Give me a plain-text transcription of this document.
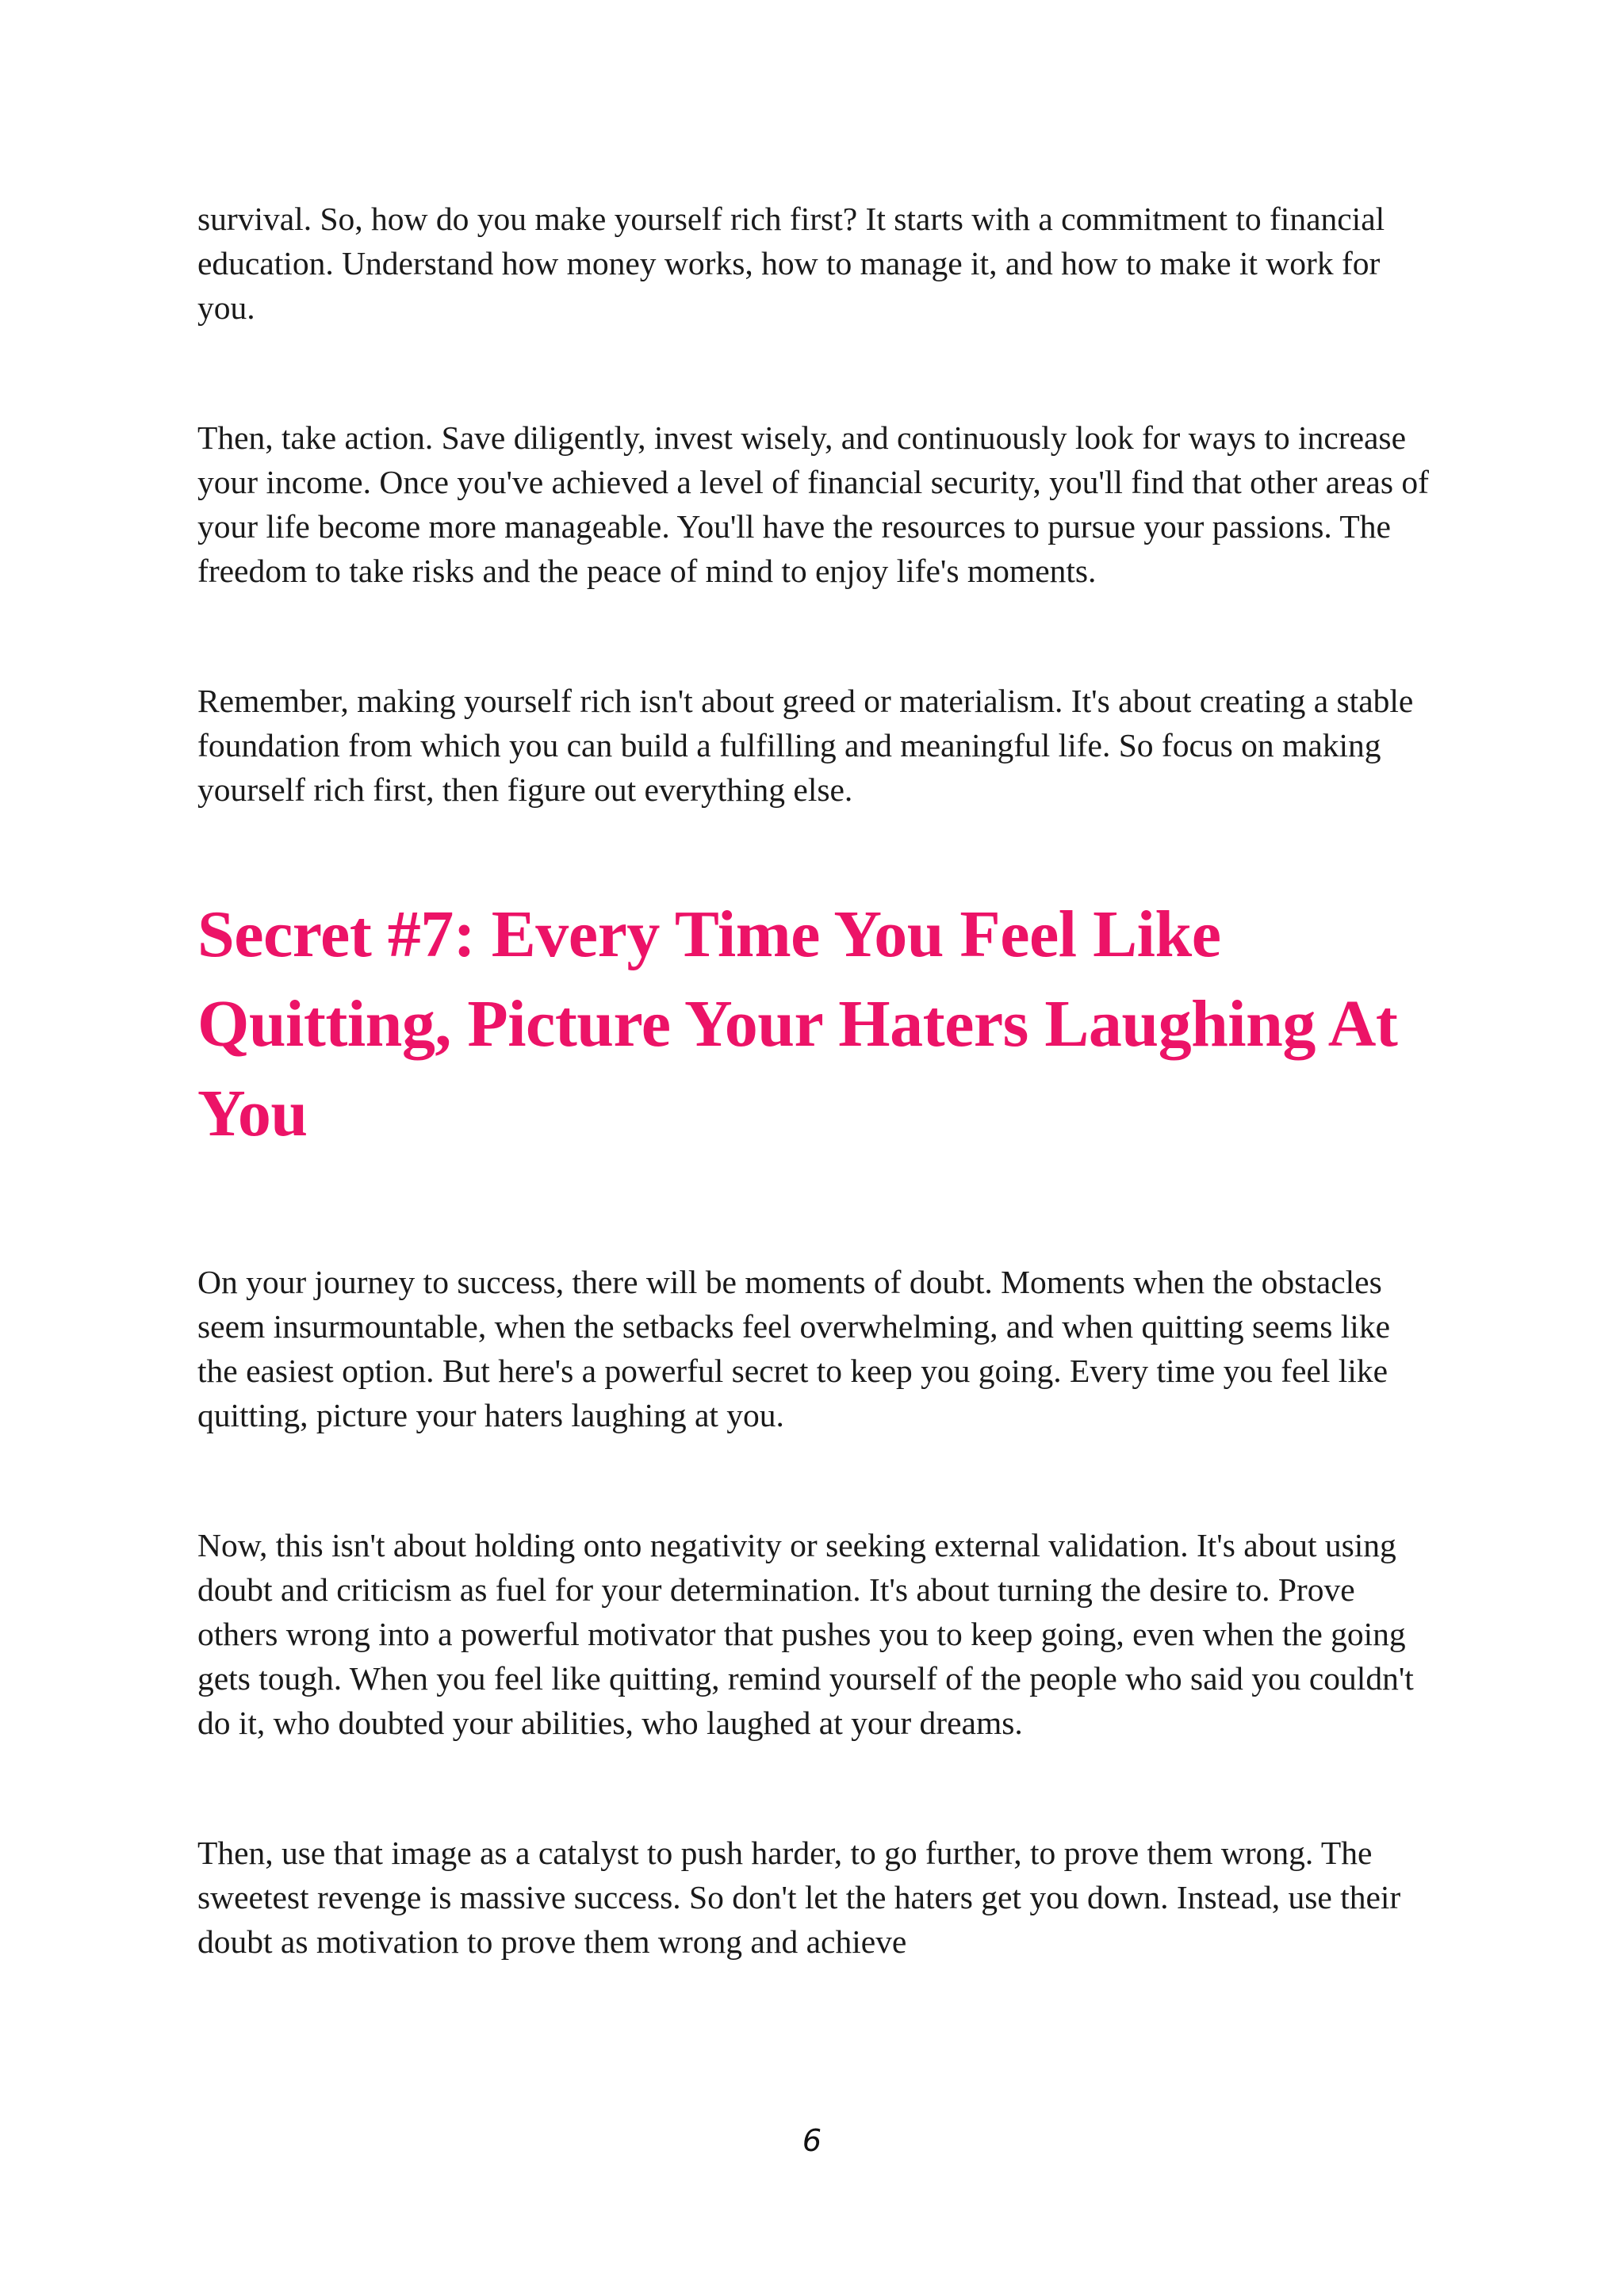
survival. So, how do you make yourself rich first? It starts with a commitment to financial education. Understand how money works, how to manage it, and how to make it work for you.

Then, take action. Save diligently, invest wisely, and continuously look for ways to increase your income. Once you've achieved a level of financial security, you'll find that other areas of your life become more manageable. You'll have the resources to pursue your passions. The freedom to take risks and the peace of mind to enjoy life's moments.

Remember, making yourself rich isn't about greed or materialism. It's about creating a stable foundation from which you can build a fulfilling and meaningful life. So focus on making yourself rich first, then figure out everything else.

Secret #7: Every Time You Feel Like Quitting, Picture Your Haters Laughing At You

On your journey to success, there will be moments of doubt. Moments when the obstacles seem insurmountable, when the setbacks feel overwhelming, and when quitting seems like the easiest option. But here's a powerful secret to keep you going. Every time you feel like quitting, picture your haters laughing at you.

Now, this isn't about holding onto negativity or seeking external validation. It's about using doubt and criticism as fuel for your determination. It's about turning the desire to. Prove others wrong into a powerful motivator that pushes you to keep going, even when the going gets tough. When you feel like quitting, remind yourself of the people who said you couldn't do it, who doubted your abilities, who laughed at your dreams.

Then, use that image as a catalyst to push harder, to go further, to prove them wrong. The sweetest revenge is massive success. So don't let the haters get you down. Instead, use their doubt as motivation to prove them wrong and achieve

6
